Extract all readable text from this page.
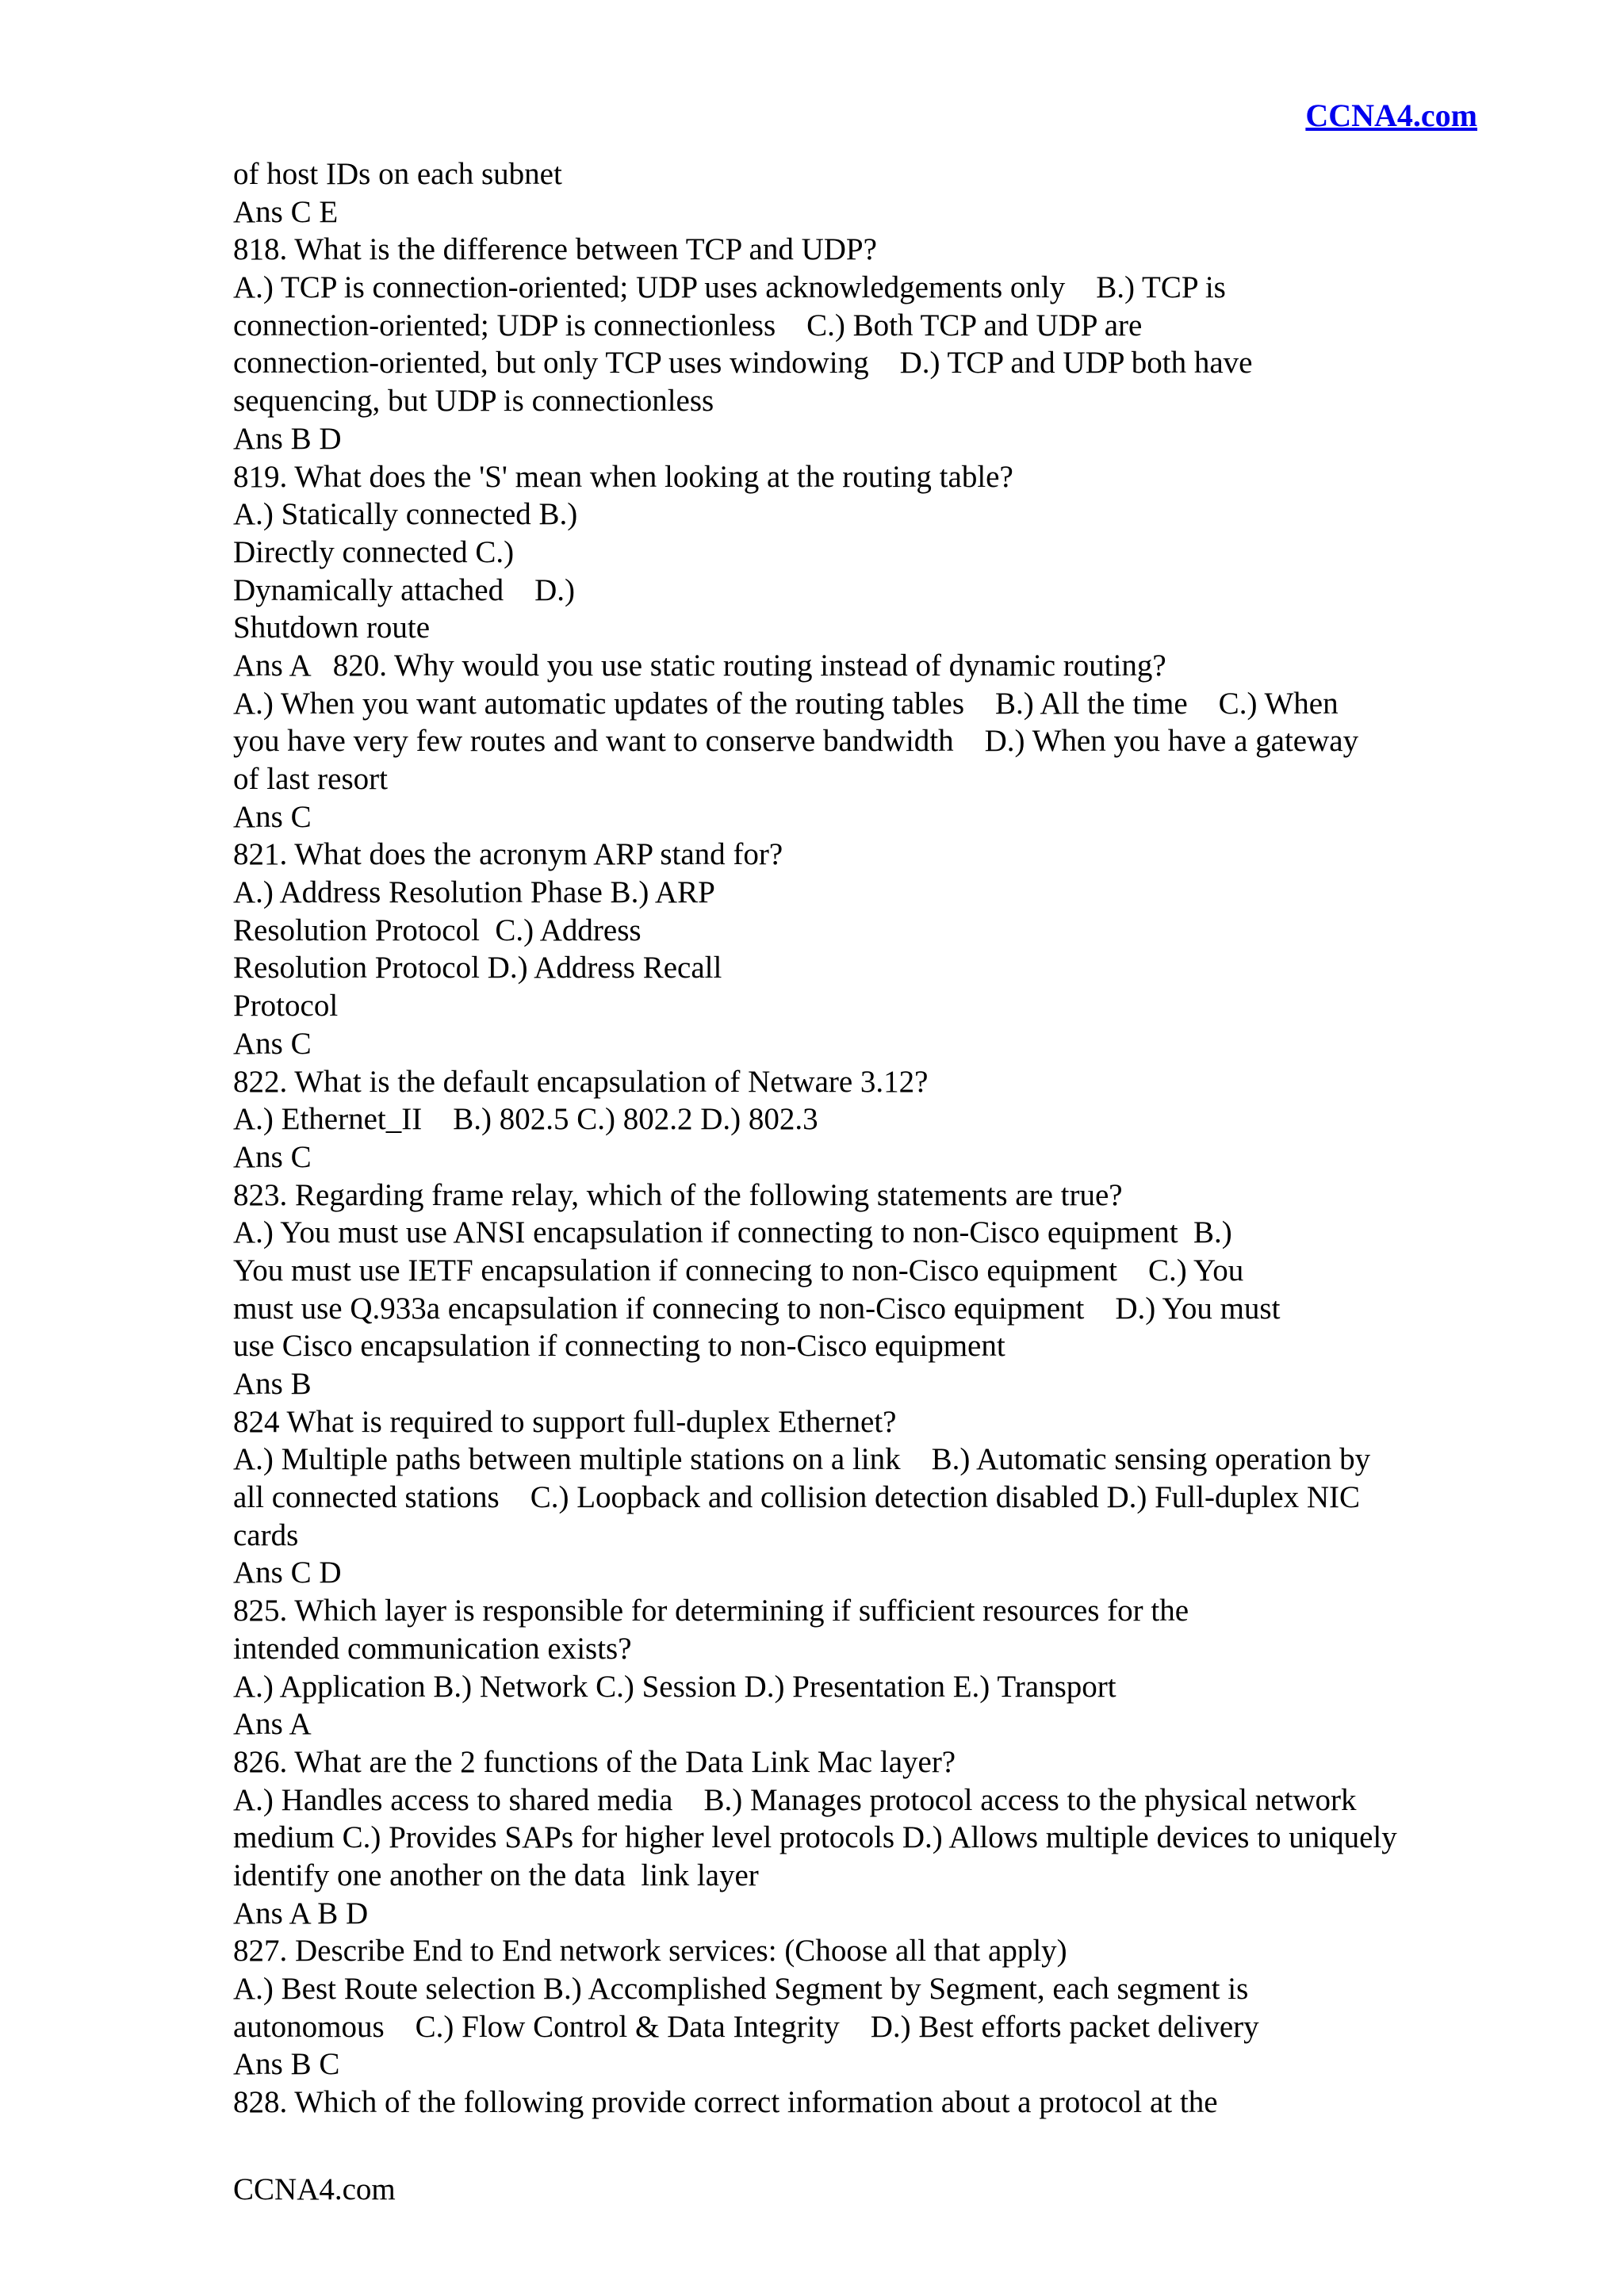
CCNA4.com
of host IDs on each subnet
Ans C E
818. What is the difference between TCP and UDP?
A.) TCP is connection-oriented; UDP uses acknowledgements only    B.) TCP is
connection-oriented; UDP is connectionless    C.) Both TCP and UDP are
connection-oriented, but only TCP uses windowing    D.) TCP and UDP both have
sequencing, but UDP is connectionless
Ans B D
819. What does the 'S' mean when looking at the routing table?
A.) Statically connected B.)
Directly connected C.)
Dynamically attached    D.)
Shutdown route
Ans A   820. Why would you use static routing instead of dynamic routing?
A.) When you want automatic updates of the routing tables    B.) All the time    C.) When
you have very few routes and want to conserve bandwidth    D.) When you have a gateway
of last resort
Ans C
821. What does the acronym ARP stand for?
A.) Address Resolution Phase B.) ARP
Resolution Protocol  C.) Address
Resolution Protocol D.) Address Recall
Protocol
Ans C
822. What is the default encapsulation of Netware 3.12?
A.) Ethernet_II    B.) 802.5 C.) 802.2 D.) 802.3
Ans C
823. Regarding frame relay, which of the following statements are true?
A.) You must use ANSI encapsulation if connecting to non-Cisco equipment  B.)
You must use IETF encapsulation if connecing to non-Cisco equipment    C.) You
must use Q.933a encapsulation if connecing to non-Cisco equipment    D.) You must
use Cisco encapsulation if connecting to non-Cisco equipment
Ans B
824 What is required to support full-duplex Ethernet?
A.) Multiple paths between multiple stations on a link    B.) Automatic sensing operation by
all connected stations    C.) Loopback and collision detection disabled D.) Full-duplex NIC
cards
Ans C D
825. Which layer is responsible for determining if sufficient resources for the
intended communication exists?
A.) Application B.) Network C.) Session D.) Presentation E.) Transport
Ans A
826. What are the 2 functions of the Data Link Mac layer?
A.) Handles access to shared media    B.) Manages protocol access to the physical network
medium C.) Provides SAPs for higher level protocols D.) Allows multiple devices to uniquely
identify one another on the data  link layer
Ans A B D
827. Describe End to End network services: (Choose all that apply)
A.) Best Route selection B.) Accomplished Segment by Segment, each segment is
autonomous    C.) Flow Control & Data Integrity    D.) Best efforts packet delivery
Ans B C
828. Which of the following provide correct information about a protocol at the
CCNA4.com
